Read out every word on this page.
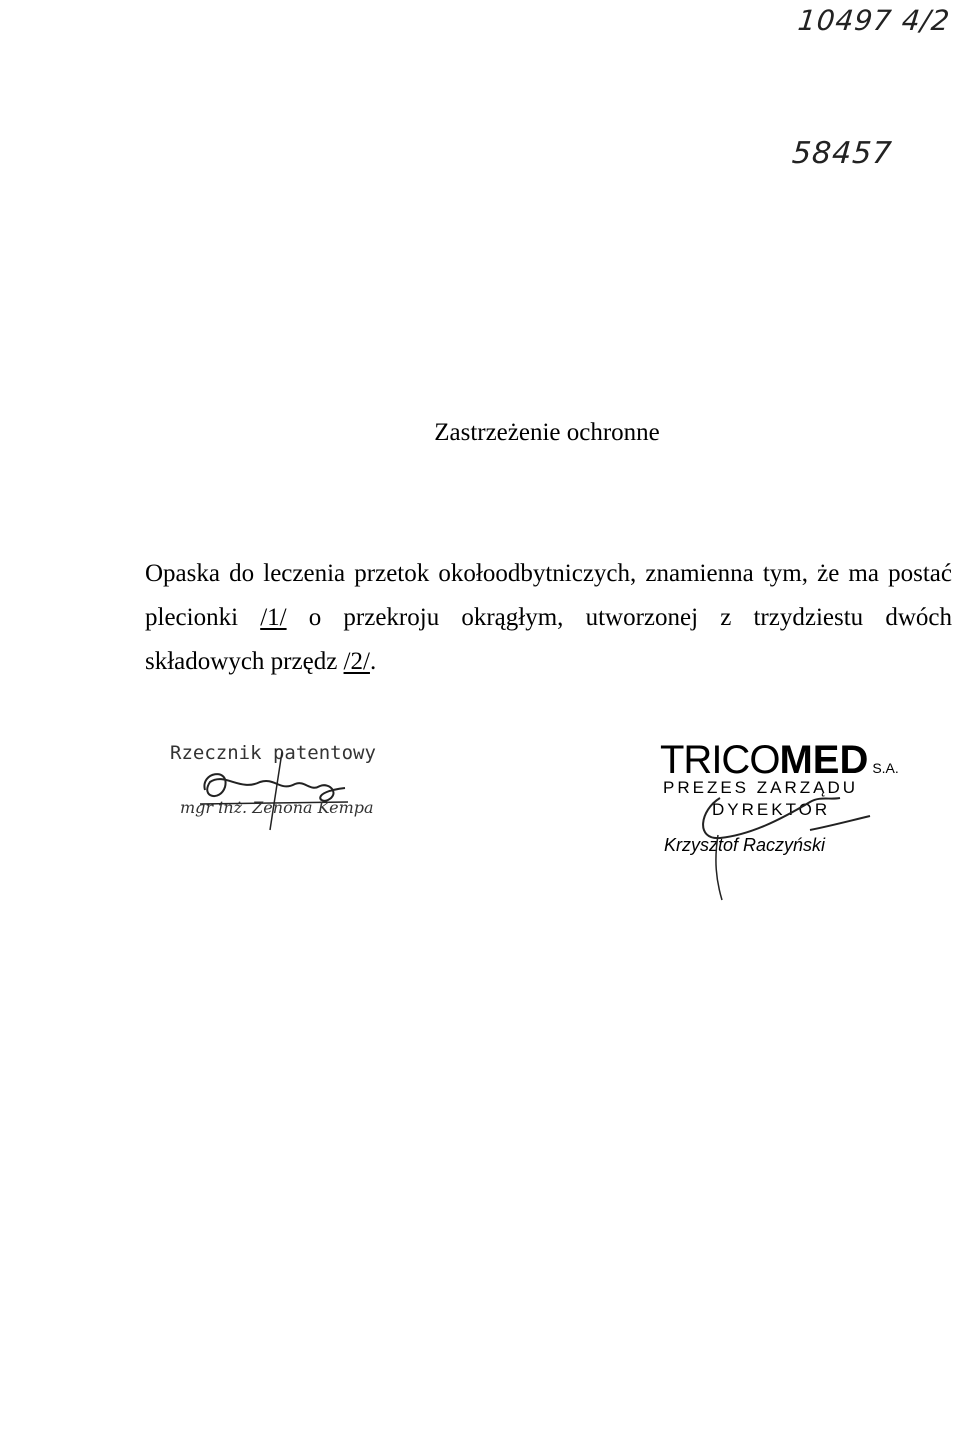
10497 4/2
58457
Zastrzeżenie ochronne
Opaska do leczenia przetok okołoodbytniczych, znamienna tym, że ma postać
plecionki /1/ o przekroju okrągłym, utworzonej z trzydziestu dwóch
składowych przędz /2/.
Rzecznik patentowy
mgr inż. Zenona Kempa
TRICOMED S.A.
PREZES ZARZĄDU
DYREKTOR
Krzysztof Raczyński
